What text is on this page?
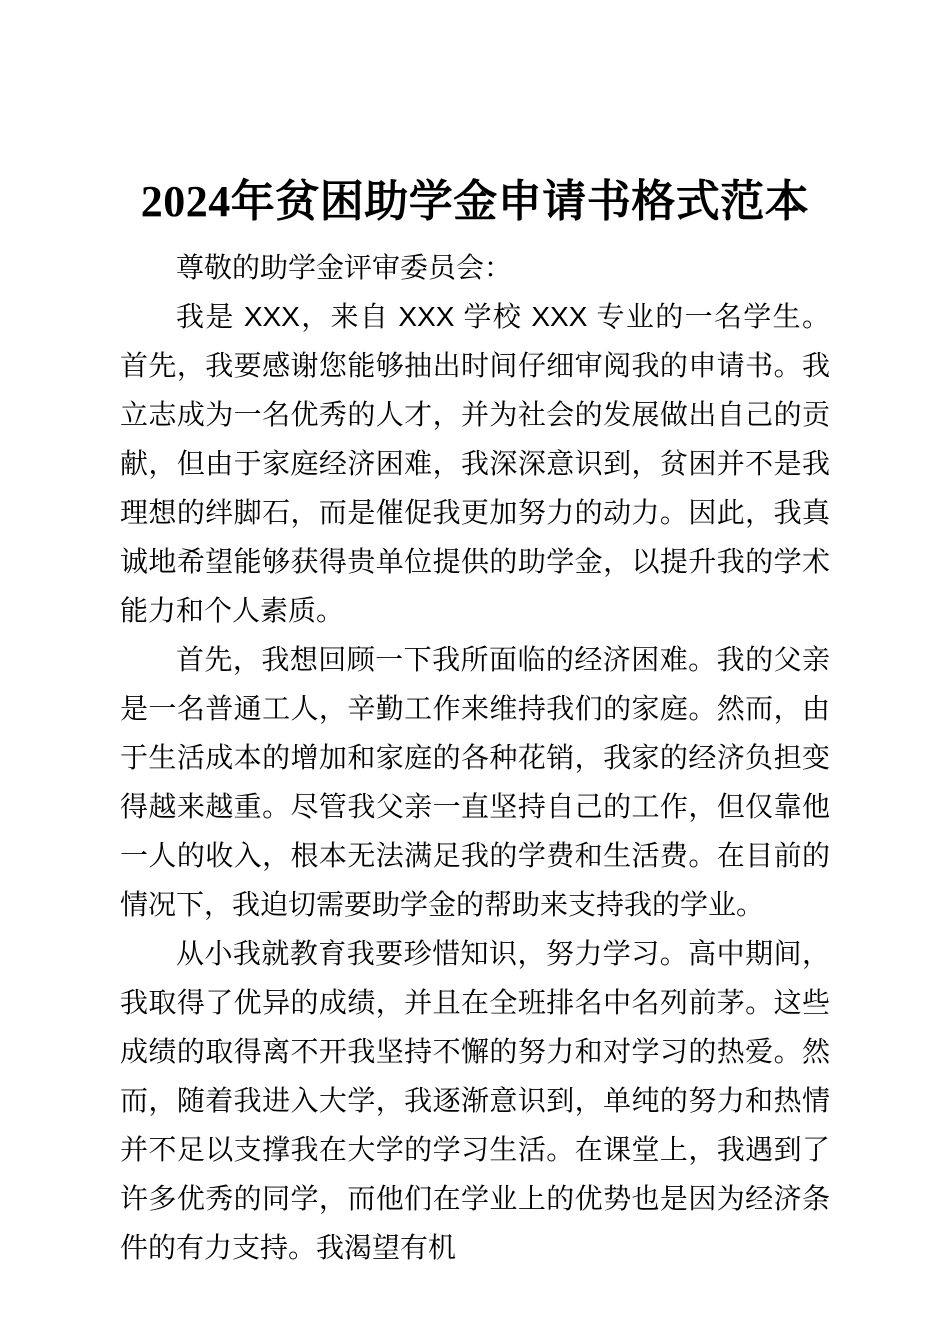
2024年贫困助学金申请书格式范本

尊敬的助学金评审委员会：

我是 XXX，来自 XXX 学校 XXX 专业的一名学生。首先，我要感谢您能够抽出时间仔细审阅我的申请书。我立志成为一名优秀的人才，并为社会的发展做出自己的贡献，但由于家庭经济困难，我深深意识到，贫困并不是我理想的绊脚石，而是催促我更加努力的动力。因此，我真诚地希望能够获得贵单位提供的助学金，以提升我的学术能力和个人素质。

首先，我想回顾一下我所面临的经济困难。我的父亲是一名普通工人，辛勤工作来维持我们的家庭。然而，由于生活成本的增加和家庭的各种花销，我家的经济负担变得越来越重。尽管我父亲一直坚持自己的工作，但仅靠他一人的收入，根本无法满足我的学费和生活费。在目前的情况下，我迫切需要助学金的帮助来支持我的学业。

从小我就教育我要珍惜知识，努力学习。高中期间，我取得了优异的成绩，并且在全班排名中名列前茅。这些成绩的取得离不开我坚持不懈的努力和对学习的热爱。然而，随着我进入大学，我逐渐意识到，单纯的努力和热情并不足以支撑我在大学的学习生活。在课堂上，我遇到了许多优秀的同学，而他们在学业上的优势也是因为经济条件的有力支持。我渴望有机
